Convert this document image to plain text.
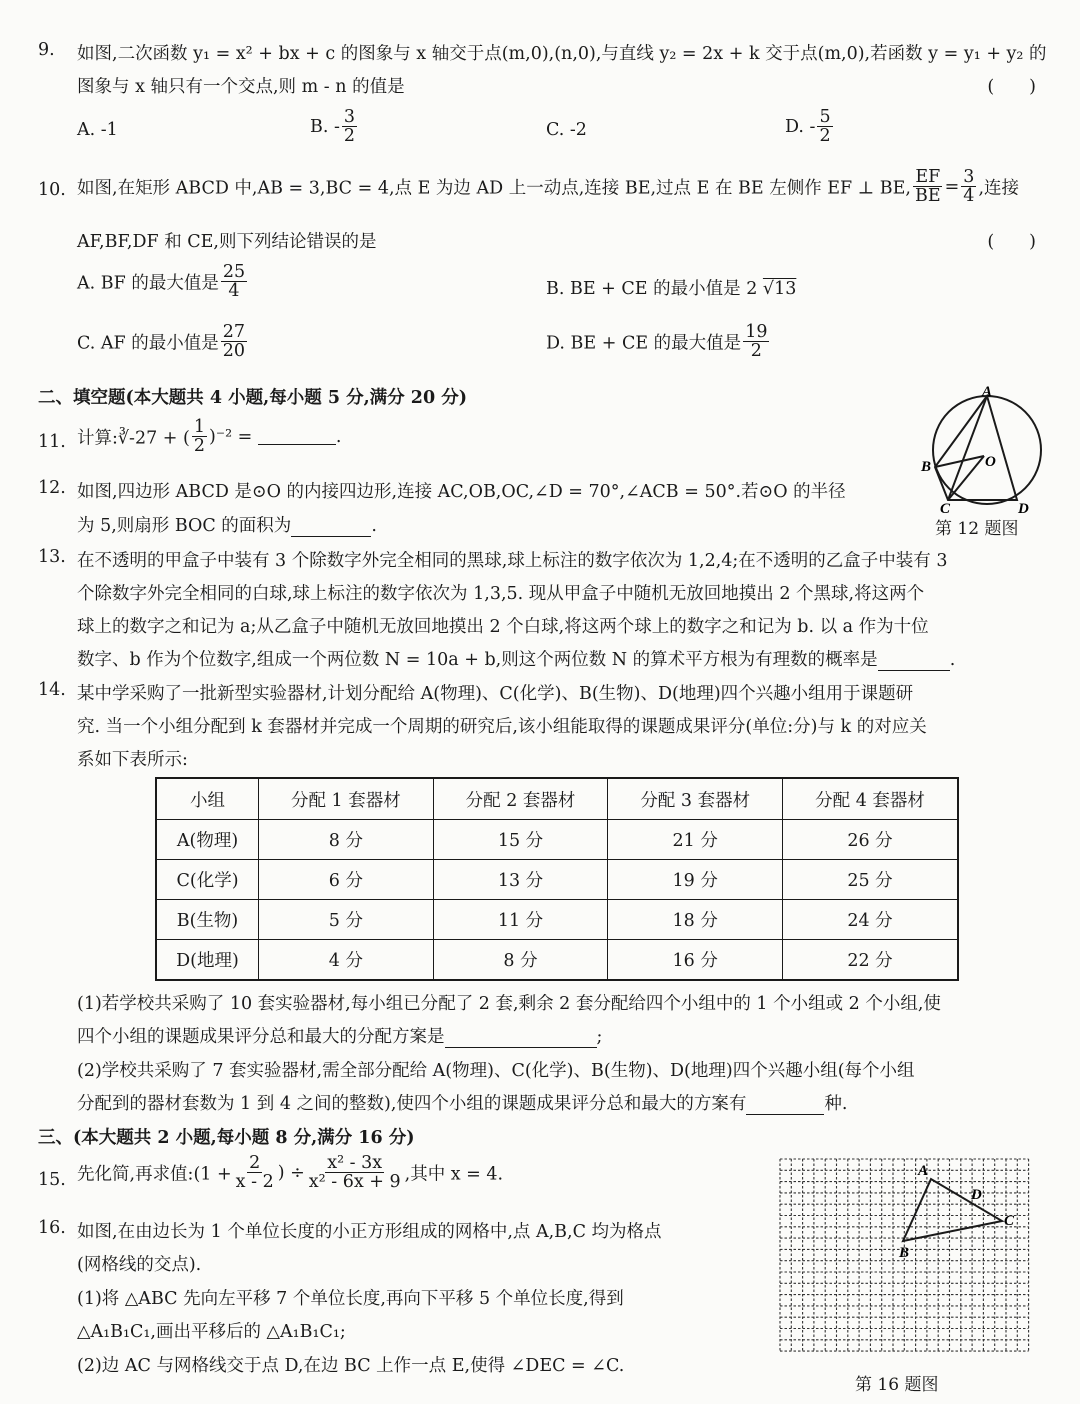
9. 如图,二次函数 y₁ = x² + bx + c 的图象与 x 轴交于点(m,0),(n,0),与直线 y₂ = 2x + k 交于点(m,0),若函数 y = y₁ + y₂ 的
图象与 x 轴只有一个交点,则 m - n 的值是	(　　)
A. -1	B. - $\frac{3}{2}$	C. -2	D. - $\frac{5}{2}$
10. 如图,在矩形 ABCD 中,AB = 3,BC = 4,点 E 为边 AD 上一动点,连接 BE,过点 E 在 BE 左侧作 EF ⊥ BE, $\frac{EF}{BE} = \frac{3}{4}$ ,连接
AF,BF,DF 和 CE,则下列结论错误的是	(　　)
A. BF 的最大值是 $\frac{25}{4}$	B. BE + CE 的最小值是 2 √13
C. AF 的最小值是 $\frac{27}{20}$	D. BE + CE 的最大值是 $\frac{19}{2}$
二、填空题(本大题共 4 小题,每小题 5 分,满分 20 分)
11. 计算:∛-27 + ( $\frac{1}{2} )^{-2}$ =	.
12. 如图,四边形 ABCD 是⊙O 的内接四边形,连接 AC,OB,OC,∠D = 70°,∠ACB = 50°.若⊙O 的半径
为 5,则扇形 BOC 的面积为	.
A
B
C	D
O
第 12 题图
13. 在不透明的甲盒子中装有 3 个除数字外完全相同的黑球,球上标注的数字依次为 1,2,4;在不透明的乙盒子中装有 3
个除数字外完全相同的白球,球上标注的数字依次为 1,3,5. 现从甲盒子中随机无放回地摸出 2 个黑球,将这两个
球上的数字之和记为 a;从乙盒子中随机无放回地摸出 2 个白球,将这两个球上的数字之和记为 b. 以 a 作为十位
数字、b 作为个位数字,组成一个两位数 N = 10a + b,则这个两位数 N 的算术平方根为有理数的概率是	.
14. 某中学采购了一批新型实验器材,计划分配给 A(物理)、C(化学)、B(生物)、D(地理)四个兴趣小组用于课题研
究. 当一个小组分配到 k 套器材并完成一个周期的研究后,该小组能取得的课题成果评分(单位:分)与 k 的对应关
系如下表所示:
小组	分配 1 套器材	分配 2 套器材	分配 3 套器材	分配 4 套器材
A(物理)	8 分	15 分	21 分	26 分
C(化学)	6 分	13 分	19 分	25 分
B(生物)	5 分	11 分	18 分	24 分
D(地理)	4 分	8 分	16 分	22 分
(1)若学校共采购了 10 套实验器材,每小组已分配了 2 套,剩余 2 套分配给四个小组中的 1 个小组或 2 个小组,使
四个小组的课题成果评分总和最大的分配方案是	;
(2)学校共采购了 7 套实验器材,需全部分配给 A(物理)、C(化学)、B(生物)、D(地理)四个兴趣小组(每个小组
分配到的器材套数为 1 到 4 之间的整数),使四个小组的课题成果评分总和最大的方案有	种.
三、(本大题共 2 小题,每小题 8 分,满分 16 分)
15. 先化简,再求值:(1 + $\frac{2}{x - 2}$ ) ÷ $\frac{\text{x² - 3x}}{\text{x² - 6x + 9}}$ ,其中 x = 4.
16. 如图,在由边长为 1 个单位长度的小正方形组成的网格中,点 A,B,C 均为格点
(网格线的交点).
(1)将 △ABC 先向左平移 7 个单位长度,再向下平移 5 个单位长度,得到
△A₁B₁C₁,画出平移后的 △A₁B₁C₁;
(2)边 AC 与网格线交于点 D,在边 BC 上作一点 E,使得 ∠DEC = ∠C.
A
B
C
D
第 16 题图
